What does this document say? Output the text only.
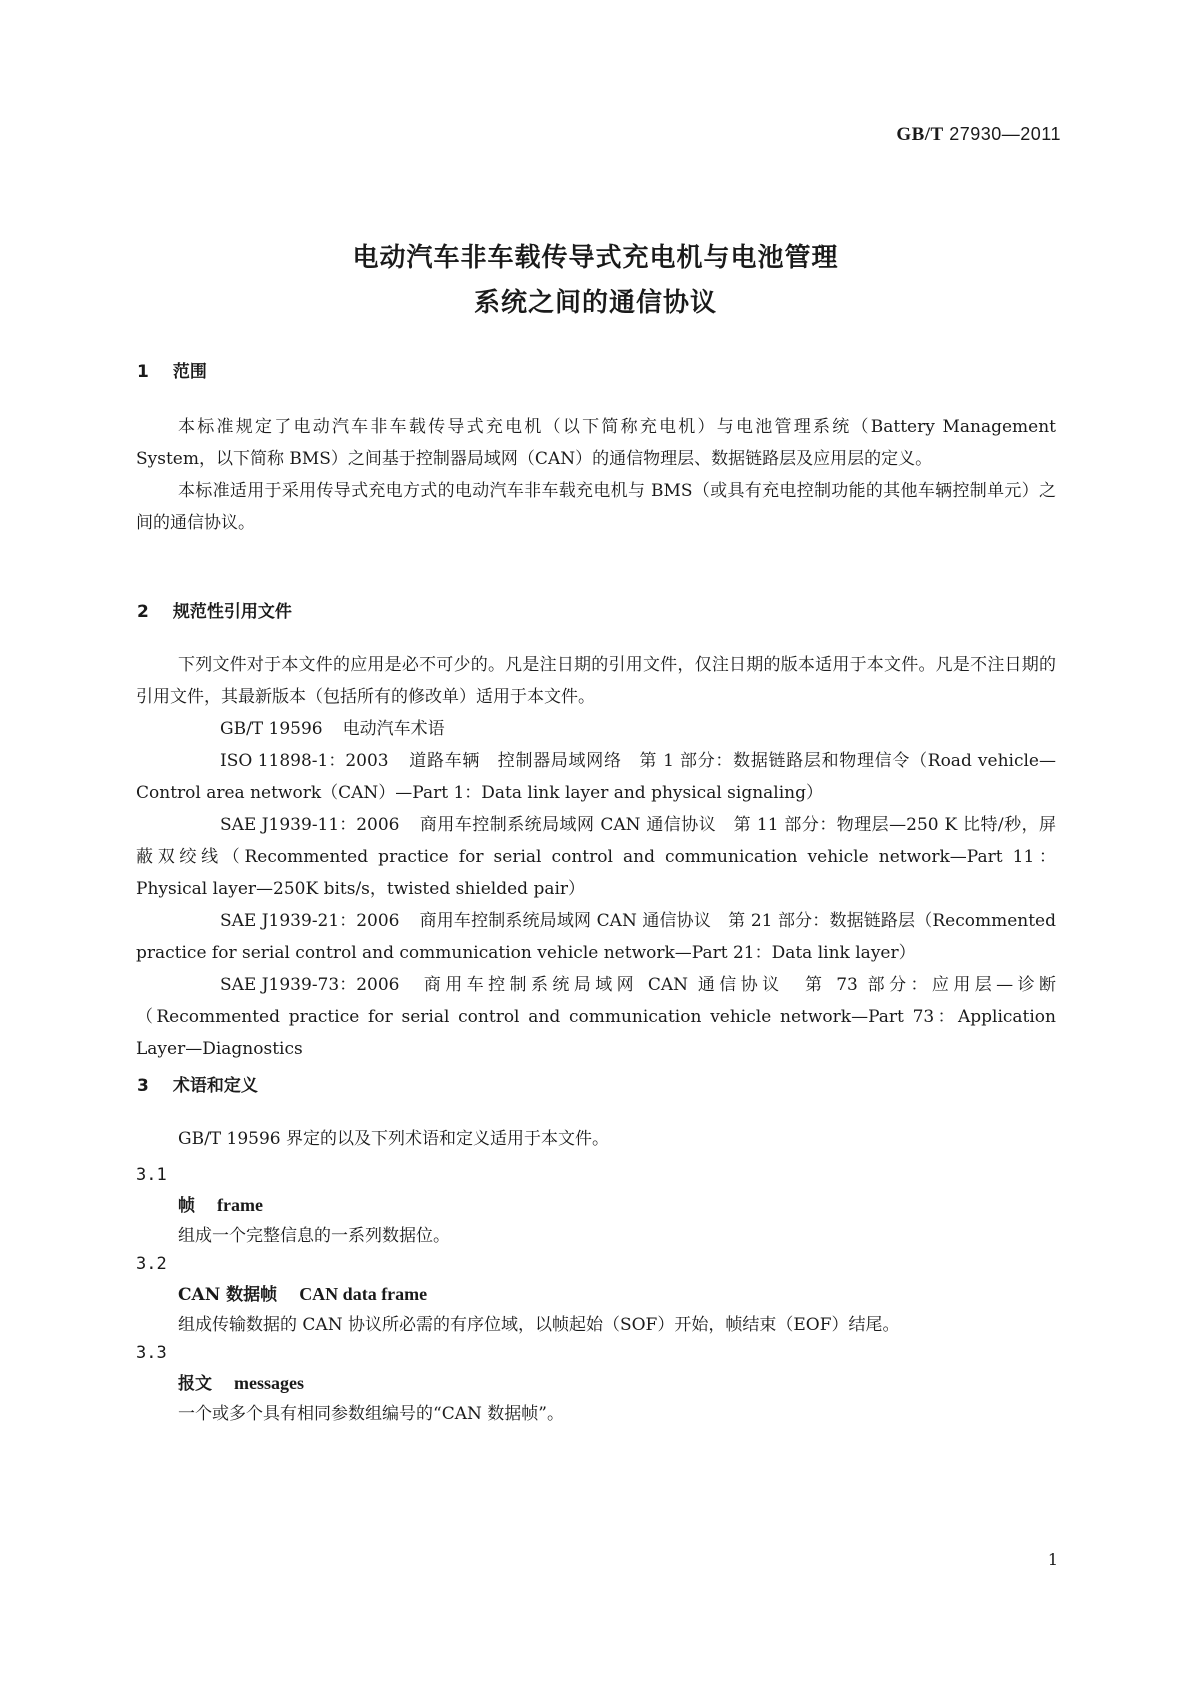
GB/T 27930—2011
电动汽车非车载传导式充电机与电池管理
系统之间的通信协议
1 范围

本标准规定了电动汽车非车载传导式充电机（以下简称充电机）与电池管理系统（Battery Management System，以下简称 BMS）之间基于控制器局域网（CAN）的通信物理层、数据链路层及应用层的定义。

本标准适用于采用传导式充电方式的电动汽车非车载充电机与 BMS（或具有充电控制功能的其他车辆控制单元）之间的通信协议。

2 规范性引用文件

下列文件对于本文件的应用是必不可少的。凡是注日期的引用文件，仅注日期的版本适用于本文件。凡是不注日期的引用文件，其最新版本（包括所有的修改单）适用于本文件。

GB/T 19596 电动汽车术语

ISO 11898-1：2003 道路车辆　控制器局域网络　第 1 部分：数据链路层和物理信令（Road vehicle—Control area network（CAN）—Part 1：Data link layer and physical signaling）

SAE J1939-11：2006 商用车控制系统局域网 CAN 通信协议　第 11 部分：物理层—250 K 比特/秒，屏蔽双绞线（Recommented practice for serial control and communication vehicle network—Part 11：Physical layer—250K bits/s，twisted shielded pair）

SAE J1939-21：2006 商用车控制系统局域网 CAN 通信协议　第 21 部分：数据链路层（Recommented practice for serial control and communication vehicle network—Part 21：Data link layer）

SAE J1939-73：2006 商用车控制系统局域网 CAN 通信协议　第 73 部分：应用层—诊断（Recommented practice for serial control and communication vehicle network—Part 73：Application Layer—Diagnostics

3 术语和定义

GB/T 19596 界定的以及下列术语和定义适用于本文件。

3.1
帧 frame
组成一个完整信息的一系列数据位。
3.2
CAN 数据帧 CAN data frame
组成传输数据的 CAN 协议所必需的有序位域，以帧起始（SOF）开始，帧结束（EOF）结尾。
3.3
报文 messages
一个或多个具有相同参数组编号的“CAN 数据帧”。
1
